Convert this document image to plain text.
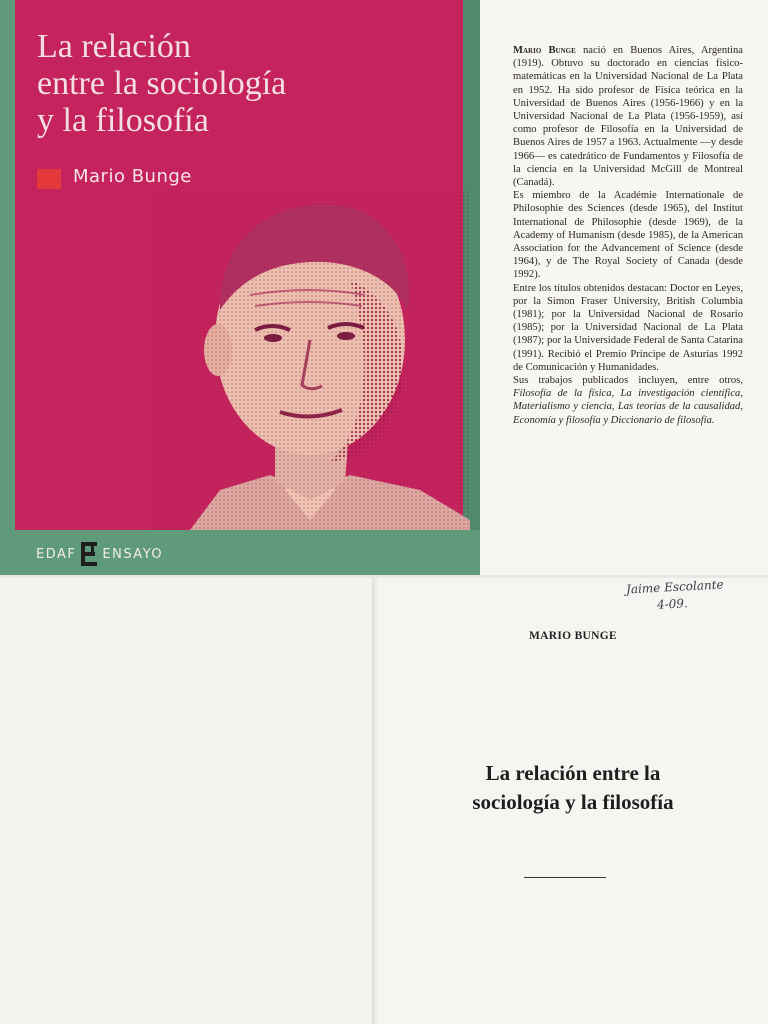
La relación
entre la sociología
y la filosofía
Mario Bunge
EDAF ENSAYO

Mario Bunge nació en Buenos Aires, Argentina (1919). Obtuvo su doctorado en ciencias físico-matemáticas en la Universidad Nacional de La Plata en 1952. Ha sido profesor de Física teórica en la Universidad de Buenos Aires (1956-1966) y en la Universidad Nacional de La Plata (1956-1959), así como profesor de Filosofía en la Universidad de Buenos Aires de 1957 a 1963. Actualmente —y desde 1966— es catedrático de Fundamentos y Filosofía de la ciencia en la Universidad McGill de Montreal (Canadá).

Es miembro de la Académie Internationale de Philosophie des Sciences (desde 1965), del Institut International de Philosophie (desde 1969), de la Academy of Humanism (desde 1985), de la American Association for the Advancement of Science (desde 1964), y de The Royal Society of Canada (desde 1992).

Entre los títulos obtenidos destacan: Doctor en Leyes, por la Simon Fraser University, British Columbia (1981); por la Universidad Nacional de Rosario (1985); por la Universidad Nacional de La Plata (1987); por la Universidade Federal de Santa Catarina (1991). Recibió el Premio Príncipe de Asturias 1992 de Comunicación y Humanidades.

Sus trabajos publicados incluyen, entre otros, Filosofía de la física, La investigación científica, Materialismo y ciencia, Las teorías de la causalidad, Economía y filosofía y Diccionario de filosofía.

Jaime Escolante
4-09.
MARIO BUNGE
La relación entre la
sociología y la filosofía
